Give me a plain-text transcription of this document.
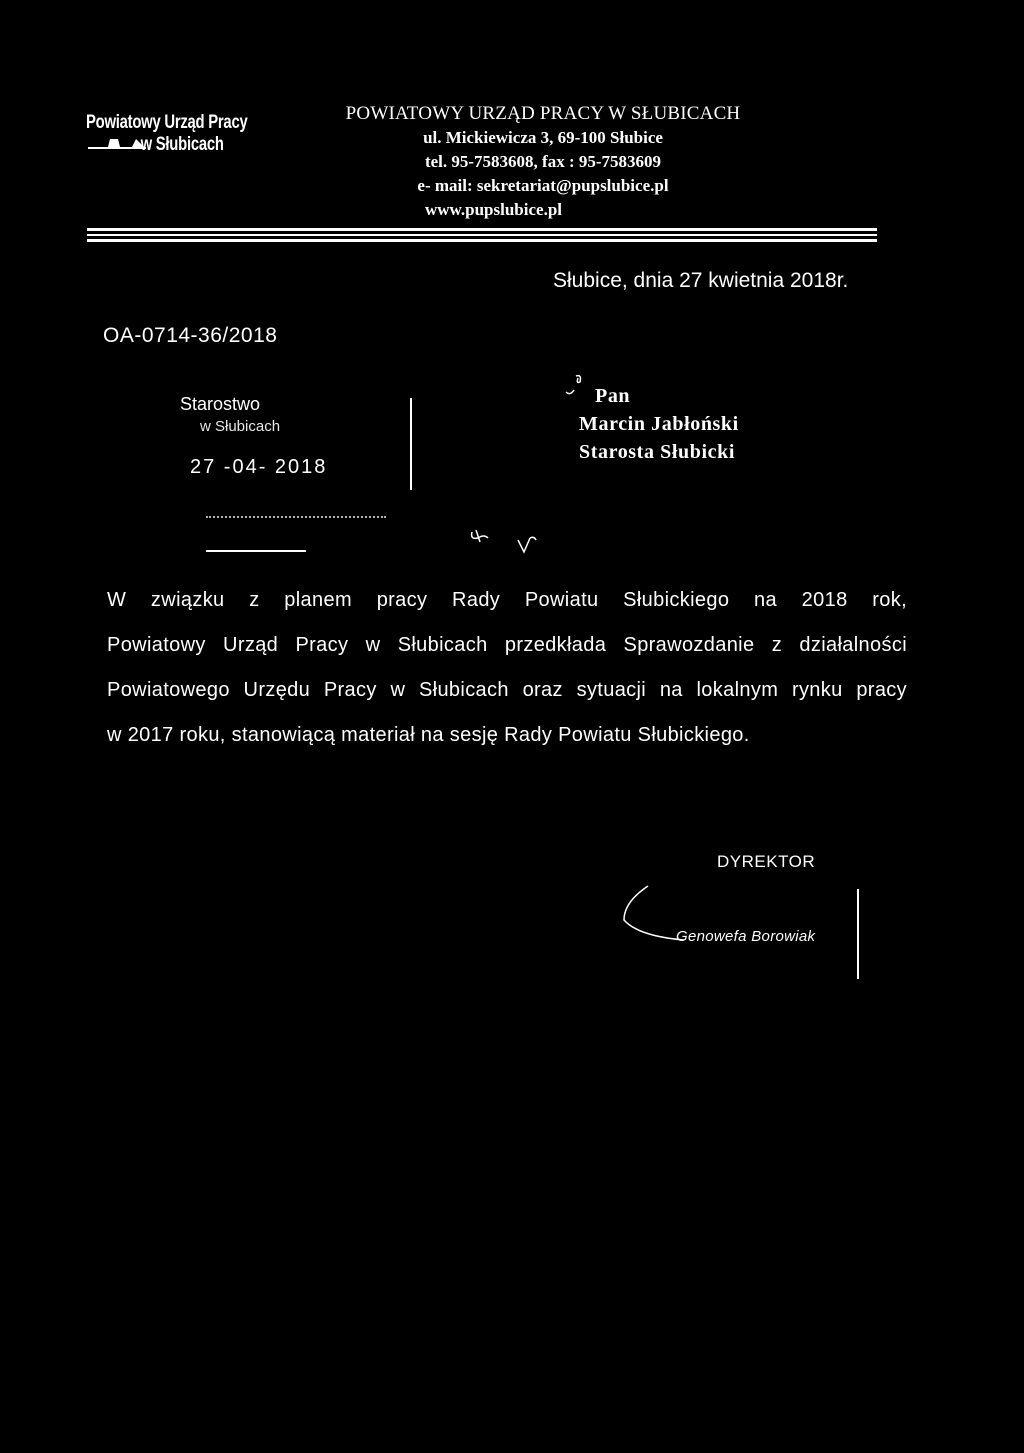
Powiatowy Urząd Pracy
w Słubicach
POWIATOWY URZĄD PRACY W SŁUBICACH
ul. Mickiewicza 3, 69-100 Słubice
tel. 95-7583608, fax : 95-7583609
e- mail: sekretariat@pupslubice.pl
www.pupslubice.pl
Słubice, dnia 27 kwietnia 2018r.
OA-0714-36/2018
Starostwo
w Słubicach
27 -04- 2018
Pan
Marcin Jabłoński
Starosta Słubicki
W związku z planem pracy Rady Powiatu Słubickiego na 2018 rok,
Powiatowy Urząd Pracy w Słubicach przedkłada Sprawozdanie z działalności
Powiatowego Urzędu Pracy w Słubicach oraz sytuacji na lokalnym rynku pracy
w 2017 roku, stanowiącą materiał na sesję Rady Powiatu Słubickiego.
DYREKTOR
Genowefa Borowiak
